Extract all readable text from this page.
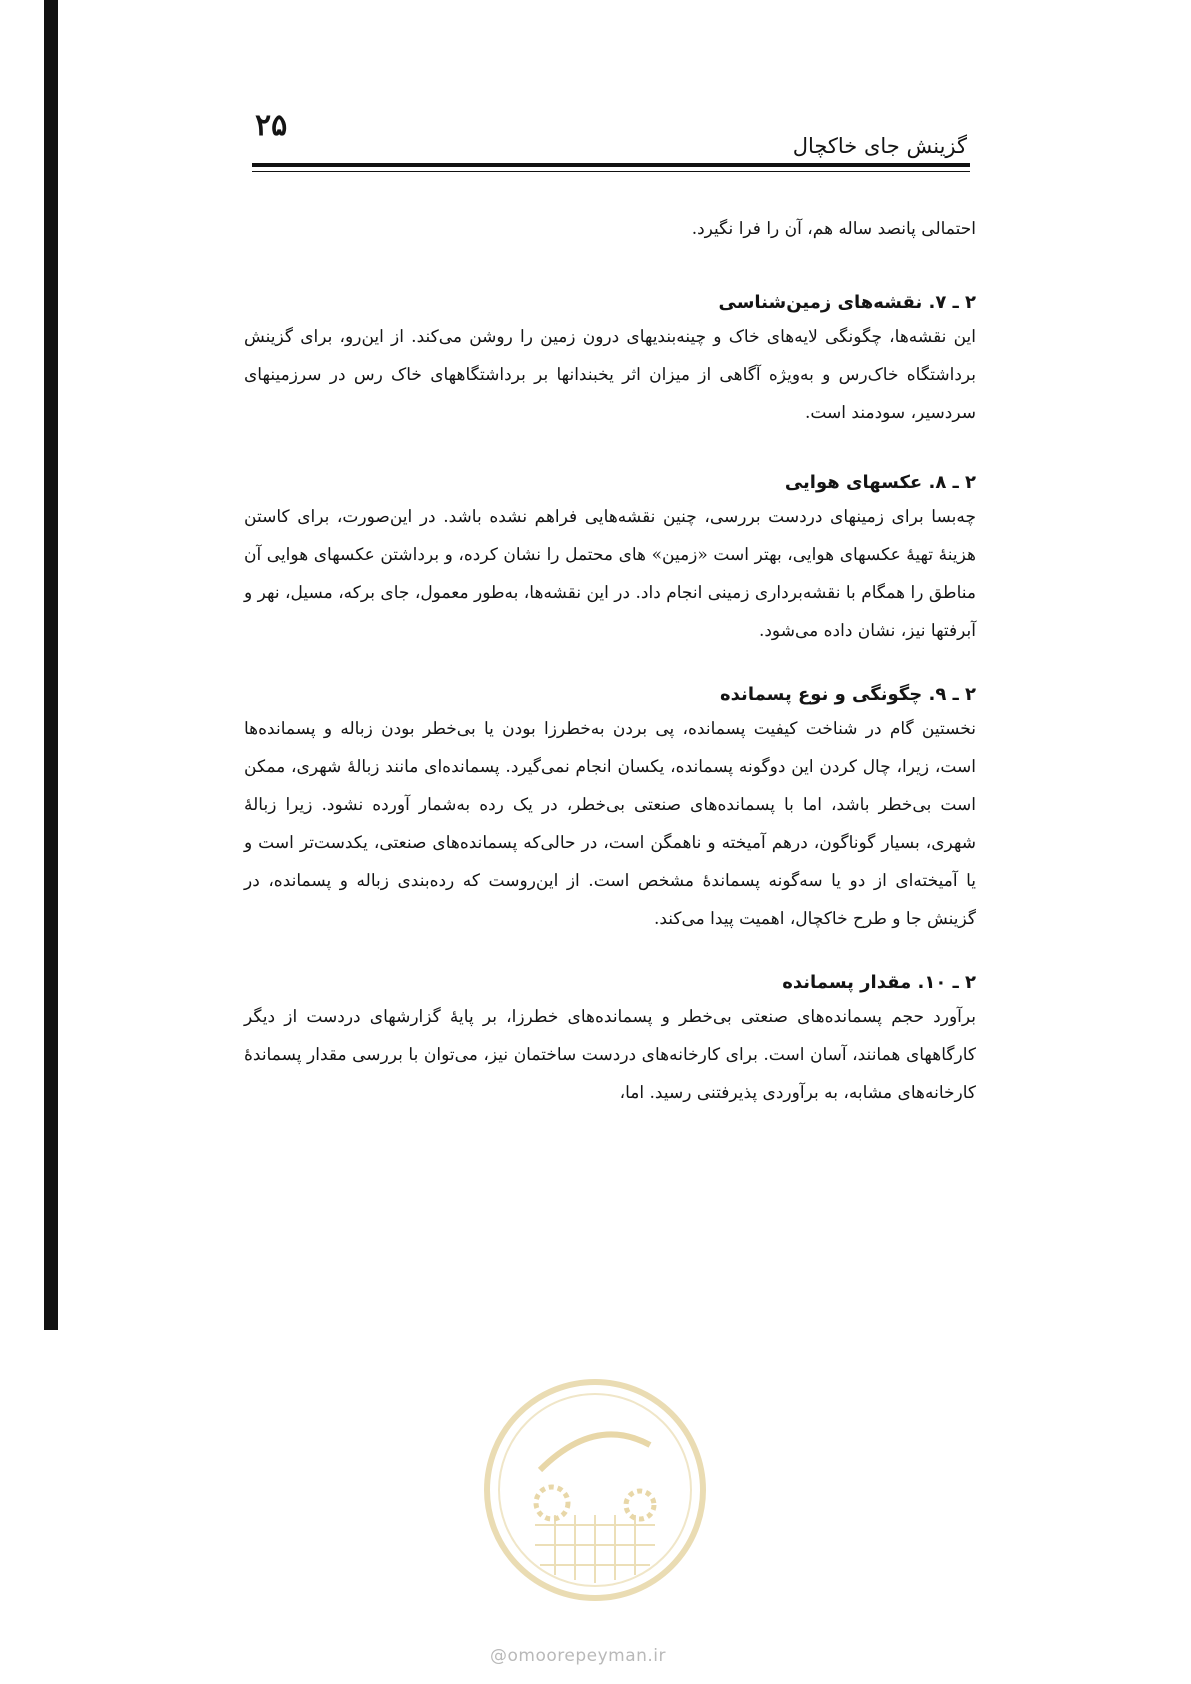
۲۵
گزینش جای خاکچال

احتمالی پانصد ساله هم، آن را فرا نگیرد.

۲ ـ ۷. نقشه‌های زمین‌شناسی

این نقشه‌ها، چگونگی لایه‌های خاک و چینه‌بندیهای درون زمین را روشن می‌کند. از این‌رو، برای گزینش برداشتگاه خاک‌رس و به‌ویژه آگاهی از میزان اثر یخبندانها بر برداشتگاههای خاک رس در سرزمینهای سردسیر، سودمند است.

۲ ـ ۸. عکسهای هوایی

چه‌بسا برای زمینهای دردست بررسی، چنین نقشه‌هایی فراهم نشده باشد. در این‌صورت، برای کاستن هزینهٔ تهیهٔ عکسهای هوایی، بهتر است «زمین» های محتمل را نشان کرده، و برداشتن عکسهای هوایی آن مناطق را همگام با نقشه‌برداری زمینی انجام داد. در این نقشه‌ها، به‌طور معمول، جای برکه، مسیل، نهر و آبرفتها نیز، نشان داده می‌شود.

۲ ـ ۹. چگونگی و نوع پسمانده

نخستین گام در شناخت کیفیت پسمانده، پی بردن به‌خطرزا بودن یا بی‌خطر بودن زباله و پسمانده‌ها است، زیرا، چال کردن این دوگونه پسمانده، یکسان انجام نمی‌گیرد. پسمانده‌ای مانند زبالهٔ شهری، ممکن است بی‌خطر باشد، اما با پسمانده‌های صنعتی بی‌خطر، در یک رده به‌شمار آورده نشود. زیرا زبالهٔ شهری، بسیار گوناگون، درهم آمیخته و ناهمگن است، در حالی‌که پسمانده‌های صنعتی، یکدست‌تر است و یا آمیخته‌ای از دو یا سه‌گونه پسماندهٔ مشخص است. از این‌روست که رده‌بندی زباله و پسمانده، در گزینش جا و طرح خاکچال، اهمیت پیدا می‌کند.

۲ ـ ۱۰. مقدار پسمانده

برآورد حجم پسمانده‌های صنعتی بی‌خطر و پسمانده‌های خطرزا، بر پایهٔ گزارشهای دردست از دیگر کارگاههای همانند، آسان است. برای کارخانه‌های دردست ساختمان نیز، می‌توان با بررسی مقدار پسماندهٔ کارخانه‌های مشابه، به برآوردی پذیرفتنی رسید. اما،

@omoorepeyman.ir
